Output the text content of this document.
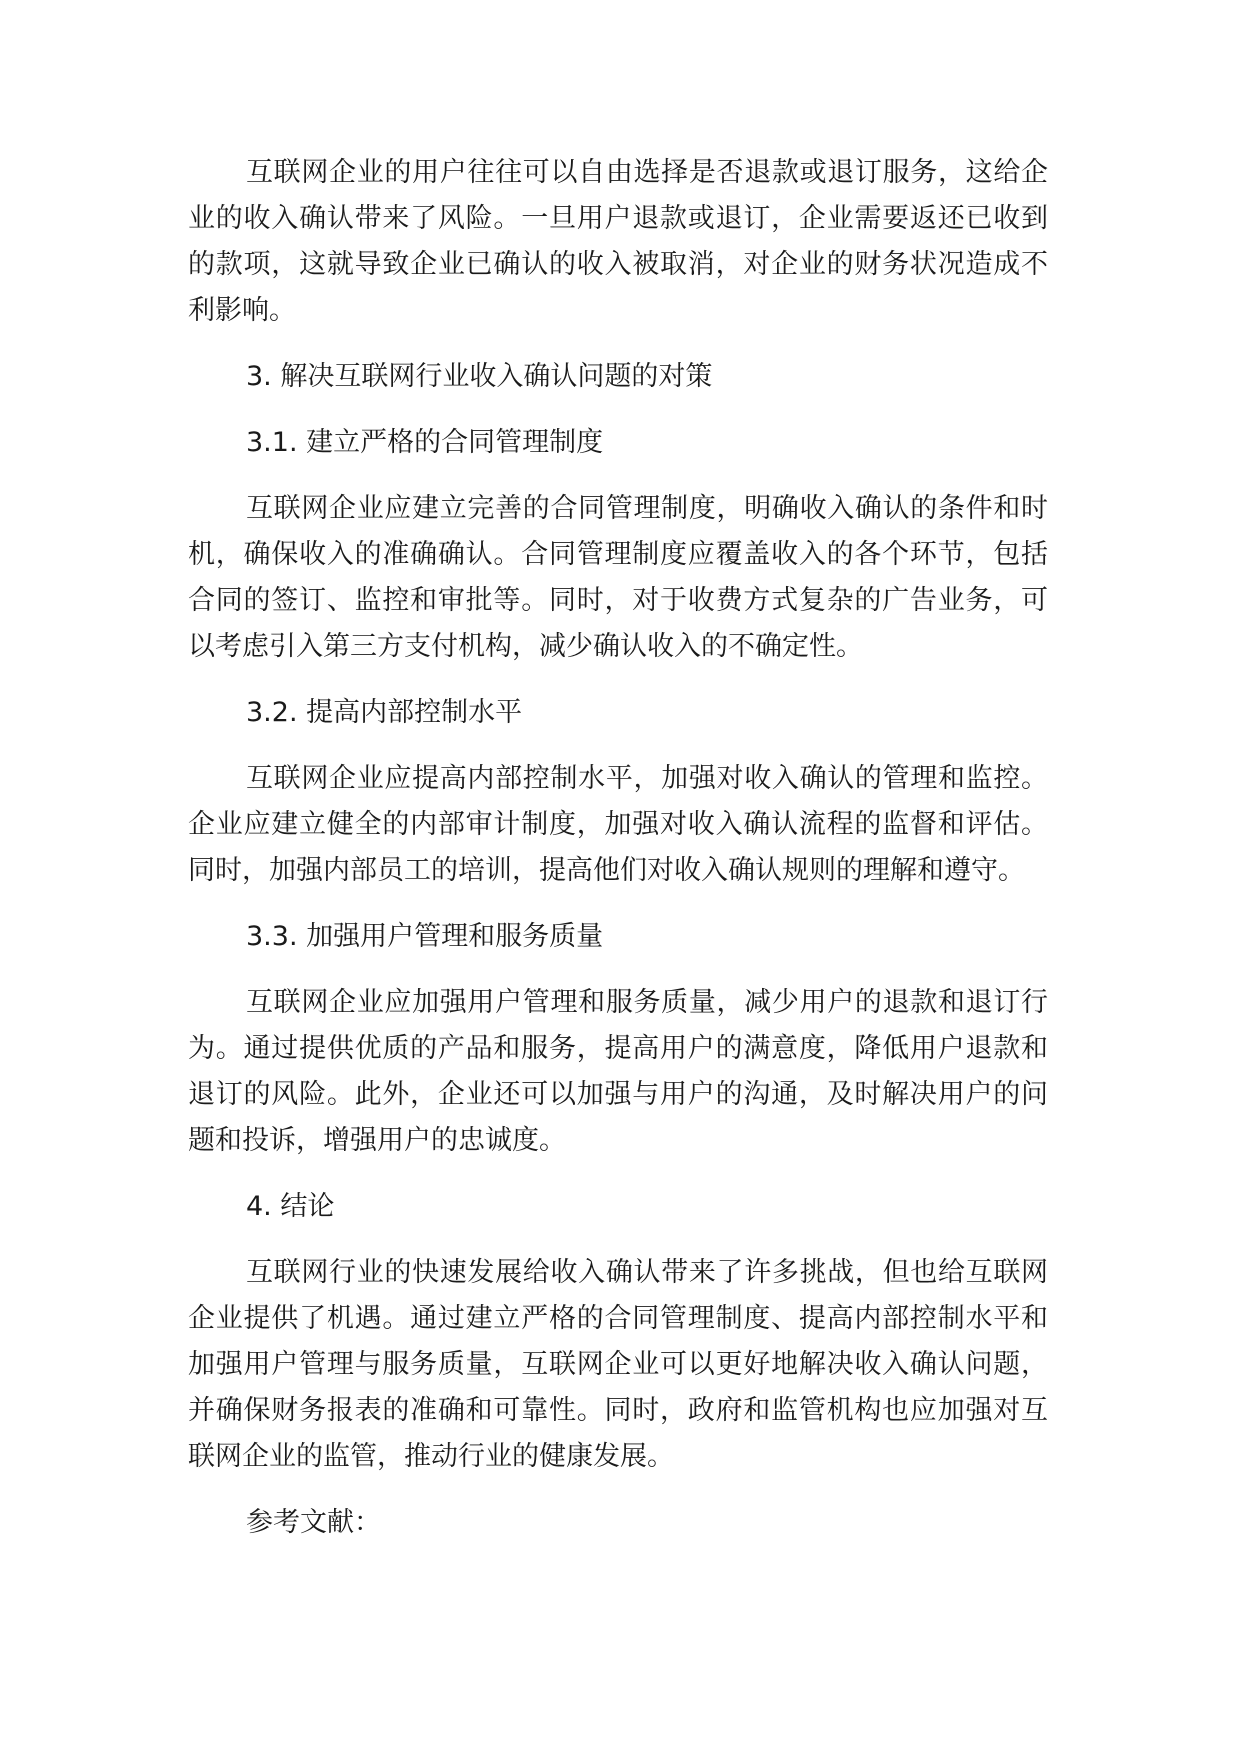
互联网企业的用户往往可以自由选择是否退款或退订服务，这给企业的收入确认带来了风险。一旦用户退款或退订，企业需要返还已收到的款项，这就导致企业已确认的收入被取消，对企业的财务状况造成不利影响。

3. 解决互联网行业收入确认问题的对策

3.1. 建立严格的合同管理制度

互联网企业应建立完善的合同管理制度，明确收入确认的条件和时机，确保收入的准确确认。合同管理制度应覆盖收入的各个环节，包括合同的签订、监控和审批等。同时，对于收费方式复杂的广告业务，可以考虑引入第三方支付机构，减少确认收入的不确定性。

3.2. 提高内部控制水平

互联网企业应提高内部控制水平，加强对收入确认的管理和监控。企业应建立健全的内部审计制度，加强对收入确认流程的监督和评估。同时，加强内部员工的培训，提高他们对收入确认规则的理解和遵守。

3.3. 加强用户管理和服务质量

互联网企业应加强用户管理和服务质量，减少用户的退款和退订行为。通过提供优质的产品和服务，提高用户的满意度，降低用户退款和退订的风险。此外，企业还可以加强与用户的沟通，及时解决用户的问题和投诉，增强用户的忠诚度。

4. 结论

互联网行业的快速发展给收入确认带来了许多挑战，但也给互联网企业提供了机遇。通过建立严格的合同管理制度、提高内部控制水平和加强用户管理与服务质量，互联网企业可以更好地解决收入确认问题，并确保财务报表的准确和可靠性。同时，政府和监管机构也应加强对互联网企业的监管，推动行业的健康发展。

参考文献：
